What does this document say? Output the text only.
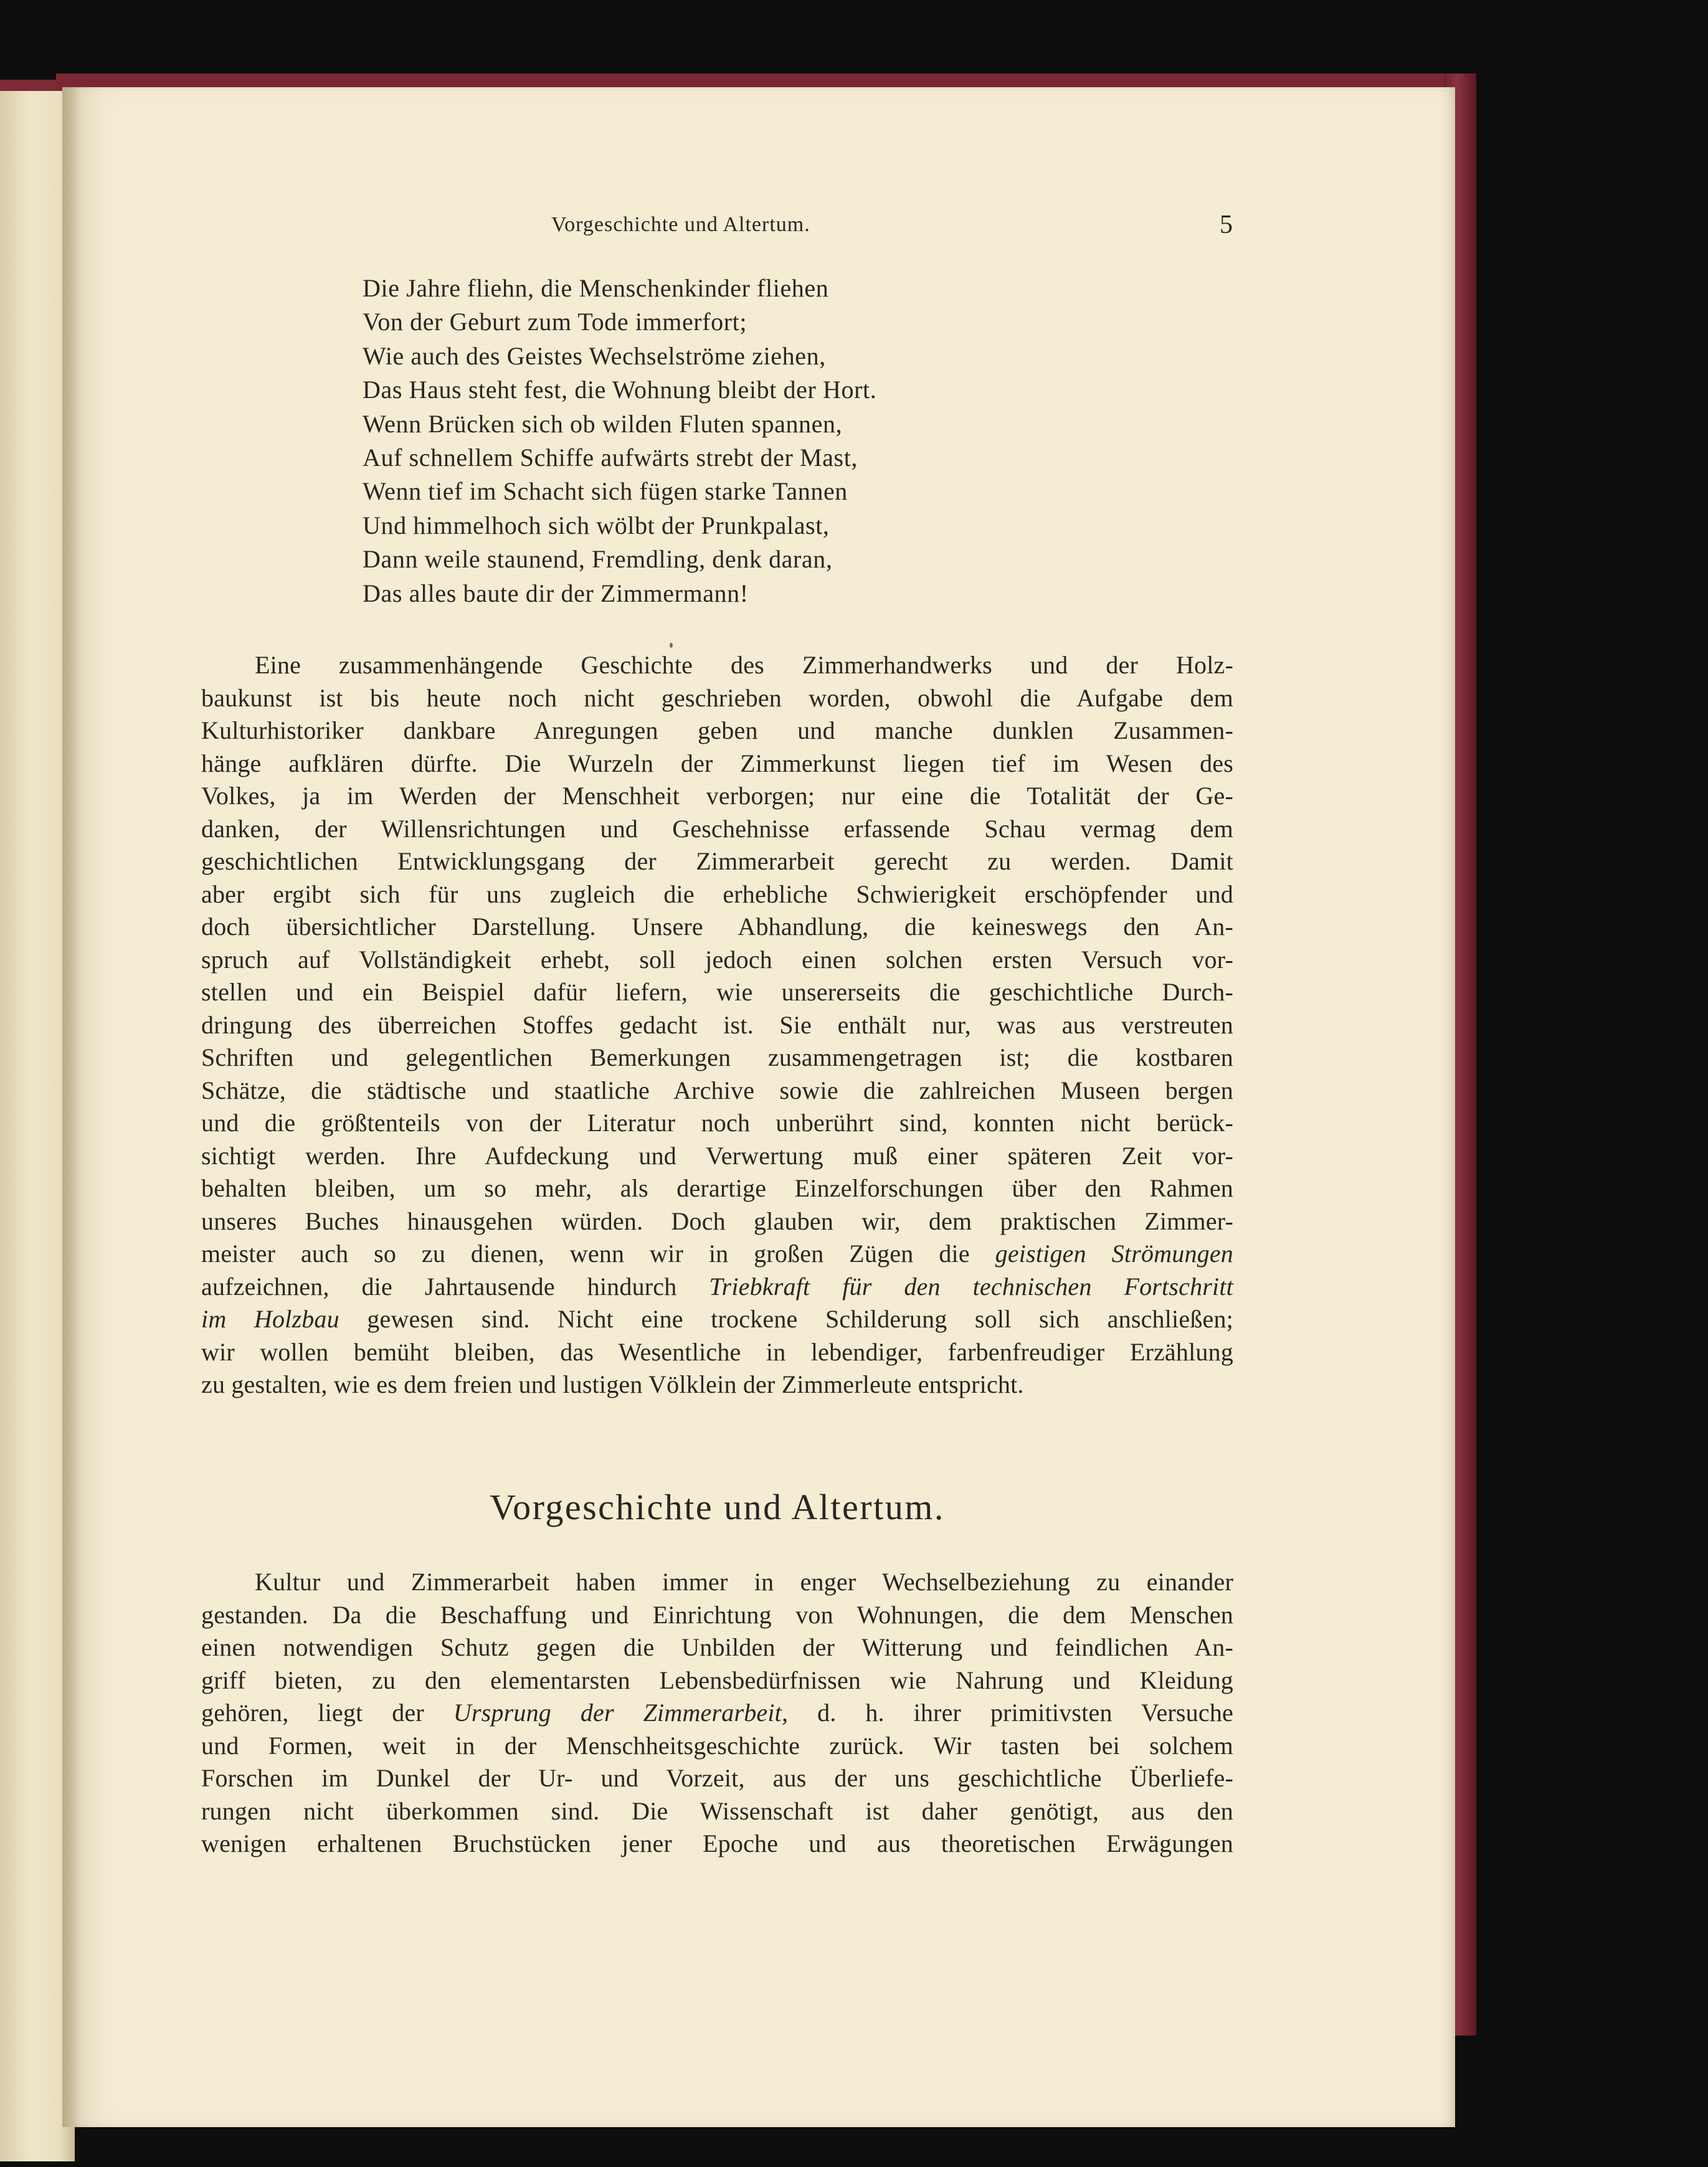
Vorgeschichte und Altertum.	5
Die Jahre fliehn, die Menschenkinder fliehen
Von der Geburt zum Tode immerfort;
Wie auch des Geistes Wechselströme ziehen,
Das Haus steht fest, die Wohnung bleibt der Hort.
Wenn Brücken sich ob wilden Fluten spannen,
Auf schnellem Schiffe aufwärts strebt der Mast,
Wenn tief im Schacht sich fügen starke Tannen
Und himmelhoch sich wölbt der Prunkpalast,
Dann weile staunend, Fremdling, denk daran,
Das alles baute dir der Zimmermann!
Eine zusammenhängende Geschichte des Zimmerhandwerks und der Holz-
baukunst ist bis heute noch nicht geschrieben worden, obwohl die Aufgabe dem
Kulturhistoriker dankbare Anregungen geben und manche dunklen Zusammen-
hänge aufklären dürfte. Die Wurzeln der Zimmerkunst liegen tief im Wesen des
Volkes, ja im Werden der Menschheit verborgen; nur eine die Totalität der Ge-
danken, der Willensrichtungen und Geschehnisse erfassende Schau vermag dem
geschichtlichen Entwicklungsgang der Zimmerarbeit gerecht zu werden. Damit
aber ergibt sich für uns zugleich die erhebliche Schwierigkeit erschöpfender und
doch übersichtlicher Darstellung. Unsere Abhandlung, die keineswegs den An-
spruch auf Vollständigkeit erhebt, soll jedoch einen solchen ersten Versuch vor-
stellen und ein Beispiel dafür liefern, wie unsererseits die geschichtliche Durch-
dringung des überreichen Stoffes gedacht ist. Sie enthält nur, was aus verstreuten
Schriften und gelegentlichen Bemerkungen zusammengetragen ist; die kostbaren
Schätze, die städtische und staatliche Archive sowie die zahlreichen Museen bergen
und die größtenteils von der Literatur noch unberührt sind, konnten nicht berück-
sichtigt werden. Ihre Aufdeckung und Verwertung muß einer späteren Zeit vor-
behalten bleiben, um so mehr, als derartige Einzelforschungen über den Rahmen
unseres Buches hinausgehen würden. Doch glauben wir, dem praktischen Zimmer-
meister auch so zu dienen, wenn wir in großen Zügen die geistigen Strömungen
aufzeichnen, die Jahrtausende hindurch Triebkraft für den technischen Fortschritt
im Holzbau gewesen sind. Nicht eine trockene Schilderung soll sich anschließen;
wir wollen bemüht bleiben, das Wesentliche in lebendiger, farbenfreudiger Erzählung
zu gestalten, wie es dem freien und lustigen Völklein der Zimmerleute entspricht.
Vorgeschichte und Altertum.
Kultur und Zimmerarbeit haben immer in enger Wechselbeziehung zu einander
gestanden. Da die Beschaffung und Einrichtung von Wohnungen, die dem Menschen
einen notwendigen Schutz gegen die Unbilden der Witterung und feindlichen An-
griff bieten, zu den elementarsten Lebensbedürfnissen wie Nahrung und Kleidung
gehören, liegt der Ursprung der Zimmerarbeit, d. h. ihrer primitivsten Versuche
und Formen, weit in der Menschheitsgeschichte zurück. Wir tasten bei solchem
Forschen im Dunkel der Ur- und Vorzeit, aus der uns geschichtliche Überliefe-
rungen nicht überkommen sind. Die Wissenschaft ist daher genötigt, aus den
wenigen erhaltenen Bruchstücken jener Epoche und aus theoretischen Erwägungen
